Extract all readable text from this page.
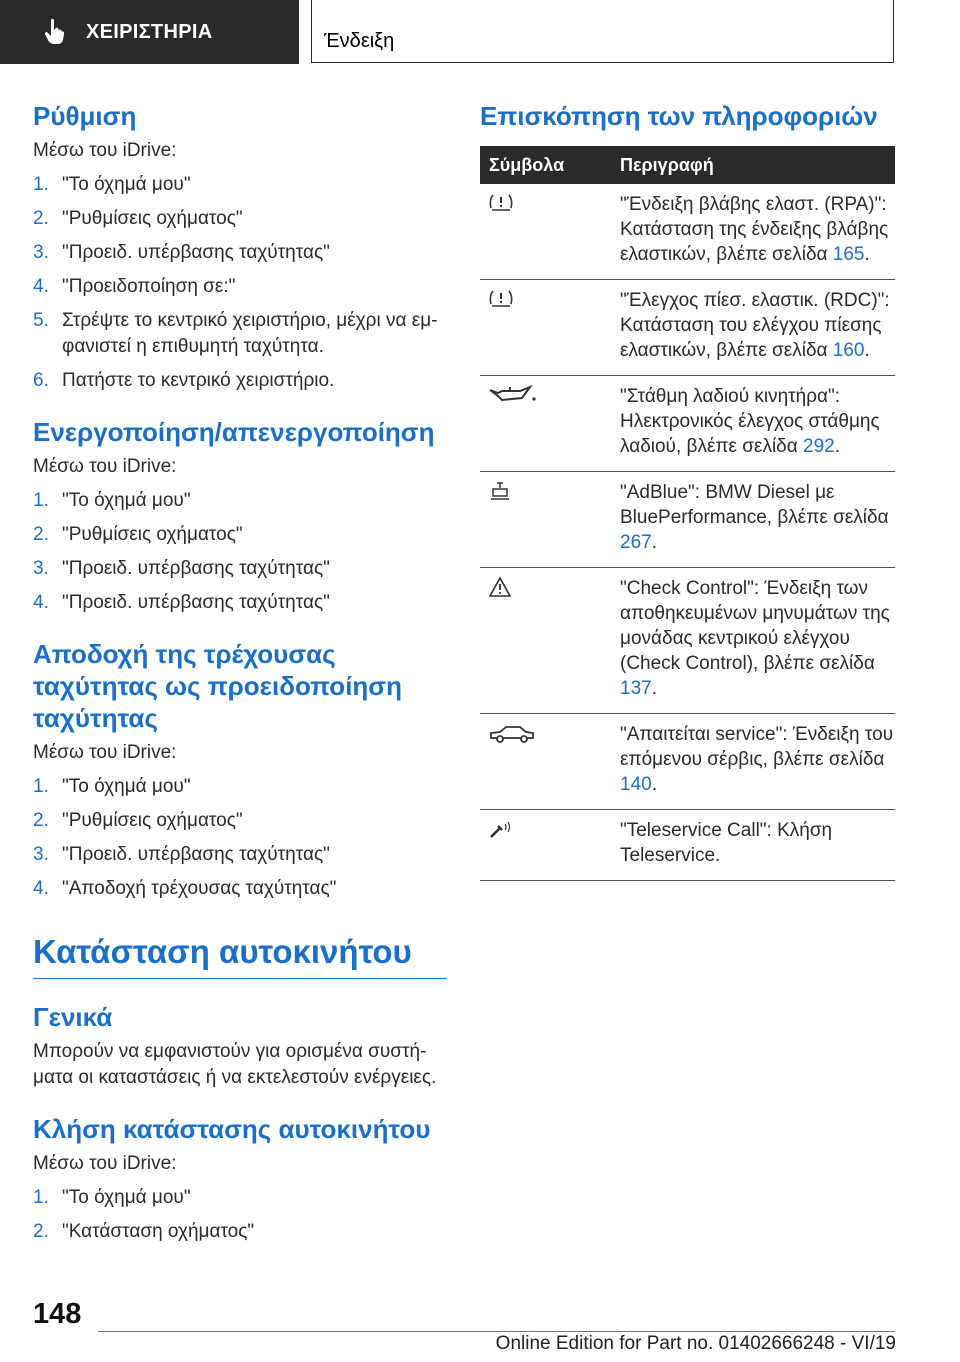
ΧΕΙΡΙΣΤΗΡΙΑ	Ένδειξη
Ρύθμιση
Μέσω του iDrive:
1. "Το όχημά μου"
2. "Ρυθμίσεις οχήματος"
3. "Προειδ. υπέρβασης ταχύτητας"
4. "Προειδοποίηση σε:"
5. Στρέψτε το κεντρικό χειριστήριο, μέχρι να εμφανιστεί η επιθυμητή ταχύτητα.
6. Πατήστε το κεντρικό χειριστήριο.
Ενεργοποίηση/απενεργοποίηση
Μέσω του iDrive:
1. "Το όχημά μου"
2. "Ρυθμίσεις οχήματος"
3. "Προειδ. υπέρβασης ταχύτητας"
4. "Προειδ. υπέρβασης ταχύτητας"
Αποδοχή της τρέχουσας ταχύτητας ως προειδοποίηση ταχύτητας
Μέσω του iDrive:
1. "Το όχημά μου"
2. "Ρυθμίσεις οχήματος"
3. "Προειδ. υπέρβασης ταχύτητας"
4. "Αποδοχή τρέχουσας ταχύτητας"
Κατάσταση αυτοκινήτου
Γενικά
Μπορούν να εμφανιστούν για ορισμένα συστήματα οι καταστάσεις ή να εκτελεστούν ενέργειες.
Κλήση κατάστασης αυτοκινήτου
Μέσω του iDrive:
1. "Το όχημά μου"
2. "Κατάσταση οχήματος"
Επισκόπηση των πληροφοριών
Σύμβολα	Περιγραφή
	"Ένδειξη βλάβης ελαστ. (RPA)": Κατάσταση της ένδειξης βλάβης ελαστικών, βλέπε σελίδα 165.
	"Έλεγχος πίεσ. ελαστικ. (RDC)": Κατάσταση του ελέγχου πίεσης ελαστικών, βλέπε σελίδα 160.
	"Στάθμη λαδιού κινητήρα": Ηλεκτρονικός έλεγχος στάθμης λαδιού, βλέπε σελίδα 292.
	"AdBlue": BMW Diesel με BluePerformance, βλέπε σελίδα 267.
	"Check Control": Ένδειξη των αποθηκευμένων μηνυμάτων της μονάδας κεντρικού ελέγχου (Check Control), βλέπε σελίδα 137.
	"Απαιτείται service": Ένδειξη του επόμενου σέρβις, βλέπε σελίδα 140.
	"Teleservice Call": Κλήση Teleservice.
148
Online Edition for Part no. 01402666248 - VI/19
